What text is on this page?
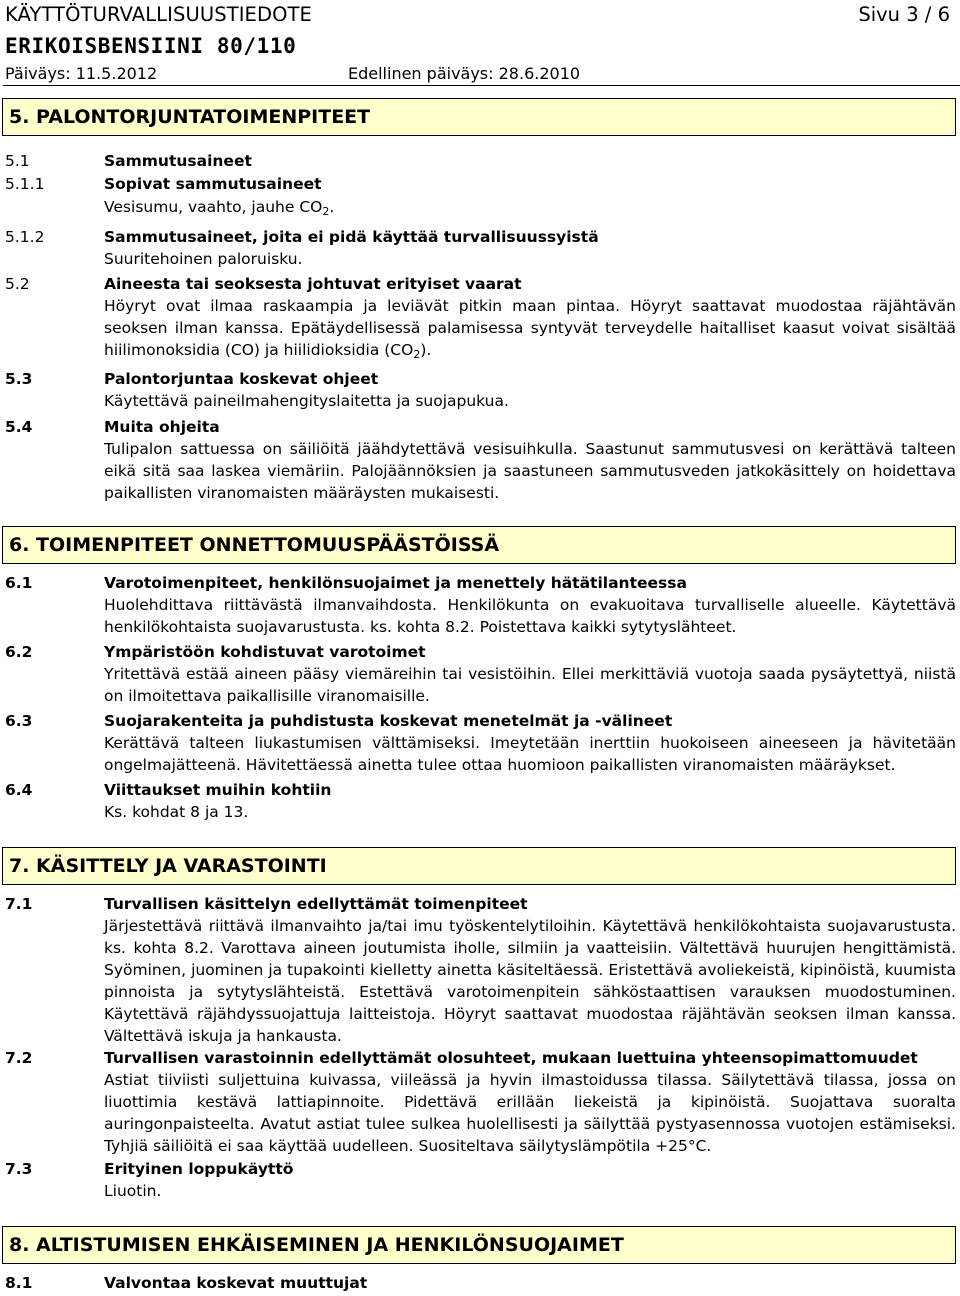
KÄYTTÖTURVALLISUUSTIEDOTE	Sivu 3 / 6
ERIKOISBENSIINI 80/110
Päiväys: 11.5.2012	Edellinen päiväys: 28.6.2010
5. PALONTORJUNTATOIMENPITEET
5.1	Sammutusaineet
5.1.1	Sopivat sammutusaineet
Vesisumu, vaahto, jauhe $CO_2$.
5.1.2	Sammutusaineet, joita ei pidä käyttää turvallisuussyistä
Suuritehoinen paloruisku.
5.2	Aineesta tai seoksesta johtuvat erityiset vaarat
Höyryt ovat ilmaa raskaampia ja leviävät pitkin maan pintaa. Höyryt saattavat muodostaa räjähtävän seoksen ilman kanssa. Epätäydellisessä palamisessa syntyvät terveydelle haitalliset kaasut voivat sisältää hiilimonoksidia (CO) ja hiilidioksidia $(CO_2)$.
5.3	Palontorjuntaa koskevat ohjeet
Käytettävä paineilmahengityslaitetta ja suojapukua.
5.4	Muita ohjeita
Tulipalon sattuessa on säiliöitä jäähdytettävä vesisuihkulla. Saastunut sammutusvesi on kerättävä talteen eikä sitä saa laskea viemäriin. Palojäännöksien ja saastuneen sammutusveden jatkokäsittely on hoidettava paikallisten viranomaisten määräysten mukaisesti.
6. TOIMENPITEET ONNETTOMUUSPÄÄSTÖISSÄ
6.1	Varotoimenpiteet, henkilönsuojaimet ja menettely hätätilanteessa
Huolehdittava riittävästä ilmanvaihdosta. Henkilökunta on evakuoitava turvalliselle alueelle. Käytettävä henkilökohtaista suojavarustusta. ks. kohta 8.2. Poistettava kaikki sytytyslähteet.
6.2	Ympäristöön kohdistuvat varotoimet
Yritettävä estää aineen pääsy viemäreihin tai vesistöihin. Ellei merkittäviä vuotoja saada pysäytettyä, niistä on ilmoitettava paikallisille viranomaisille.
6.3	Suojarakenteita ja puhdistusta koskevat menetelmät ja -välineet
Kerättävä talteen liukastumisen välttämiseksi. Imeytetään inerttiin huokoiseen aineeseen ja hävitetään ongelmajätteenä. Hävitettäessä ainetta tulee ottaa huomioon paikallisten viranomaisten määräykset.
6.4	Viittaukset muihin kohtiin
Ks. kohdat 8 ja 13.
7. KÄSITTELY JA VARASTOINTI
7.1	Turvallisen käsittelyn edellyttämät toimenpiteet
Järjestettävä riittävä ilmanvaihto ja/tai imu työskentelytiloihin. Käytettävä henkilökohtaista suojavarustusta. ks. kohta 8.2. Varottava aineen joutumista iholle, silmiin ja vaatteisiin. Vältettävä huurujen hengittämistä. Syöminen, juominen ja tupakointi kielletty ainetta käsiteltäessä. Eristettävä avoliekeistä, kipinöistä, kuumista pinnoista ja sytytyslähteistä. Estettävä varotoimenpitein sähköstaattisen varauksen muodostuminen. Käytettävä räjähdyssuojattuja laitteistoja. Höyryt saattavat muodostaa räjähtävän seoksen ilman kanssa. Vältettävä iskuja ja hankausta.
7.2	Turvallisen varastoinnin edellyttämät olosuhteet, mukaan luettuina yhteensopimattomuudet
Astiat tiiviisti suljettuina kuivassa, viileässä ja hyvin ilmastoidussa tilassa. Säilytettävä tilassa, jossa on liuottimia kestävä lattiapinnoite. Pidettävä erillään liekeistä ja kipinöistä. Suojattava suoralta auringonpaisteelta. Avatut astiat tulee sulkea huolellisesti ja säilyttää pystyasennossa vuotojen estämiseksi. Tyhjiä säiliöitä ei saa käyttää uudelleen. Suositeltava säilytyslämpötila +25°C.
7.3	Erityinen loppukäyttö
Liuotin.
8. ALTISTUMISEN EHKÄISEMINEN JA HENKILÖNSUOJAIMET
8.1	Valvontaa koskevat muuttujat
